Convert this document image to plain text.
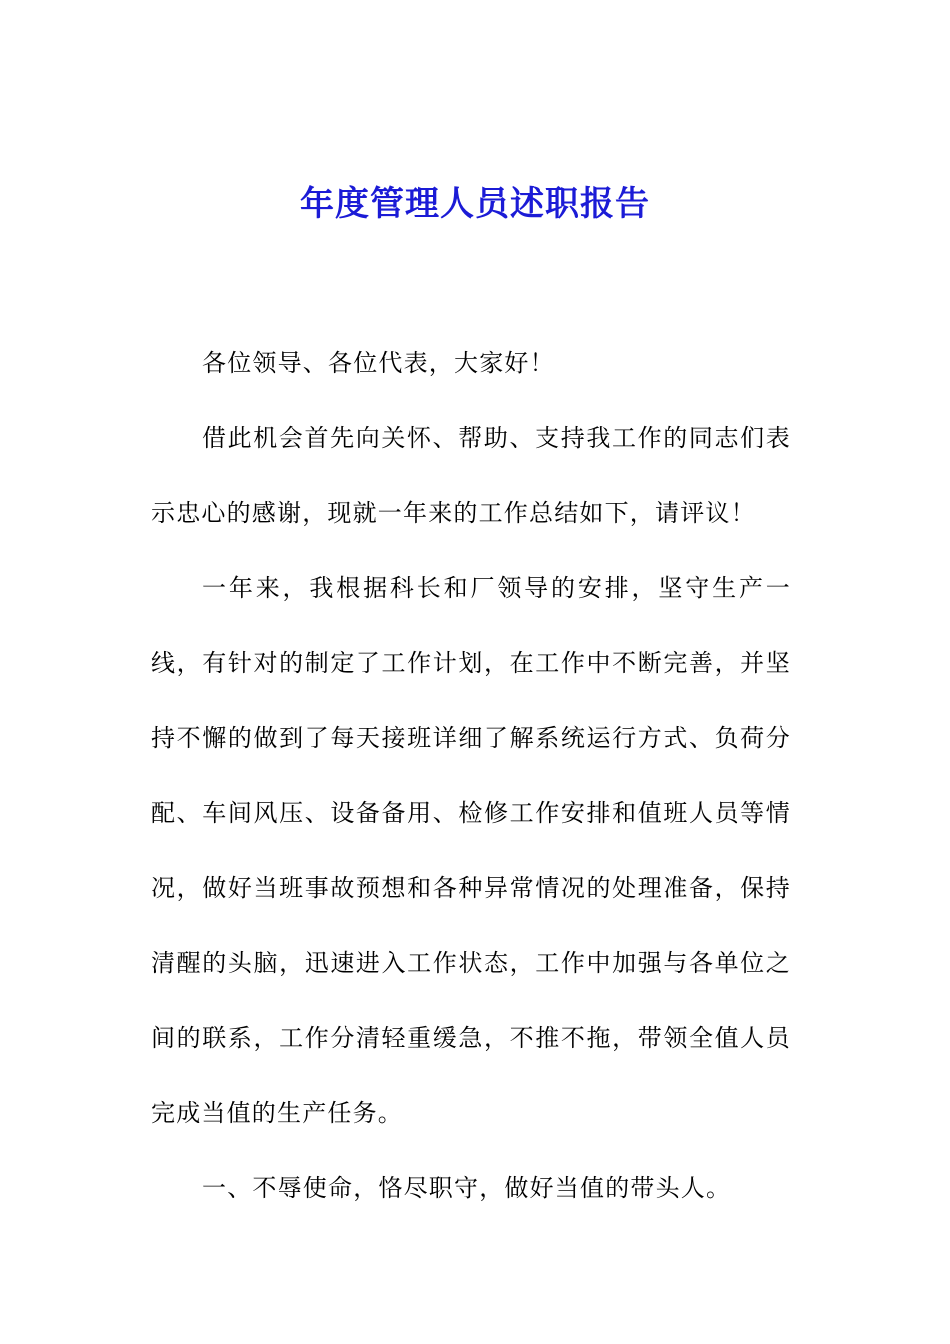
年度管理人员述职报告

各位领导、各位代表，大家好！

借此机会首先向关怀、帮助、支持我工作的同志们表示忠心的感谢，现就一年来的工作总结如下，请评议！

一年来，我根据科长和厂领导的安排，坚守生产一线，有针对的制定了工作计划，在工作中不断完善，并坚持不懈的做到了每天接班详细了解系统运行方式、负荷分配、车间风压、设备备用、检修工作安排和值班人员等情况，做好当班事故预想和各种异常情况的处理准备，保持清醒的头脑，迅速进入工作状态，工作中加强与各单位之间的联系，工作分清轻重缓急，不推不拖，带领全值人员完成当值的生产任务。

一、不辱使命，恪尽职守，做好当值的带头人。
